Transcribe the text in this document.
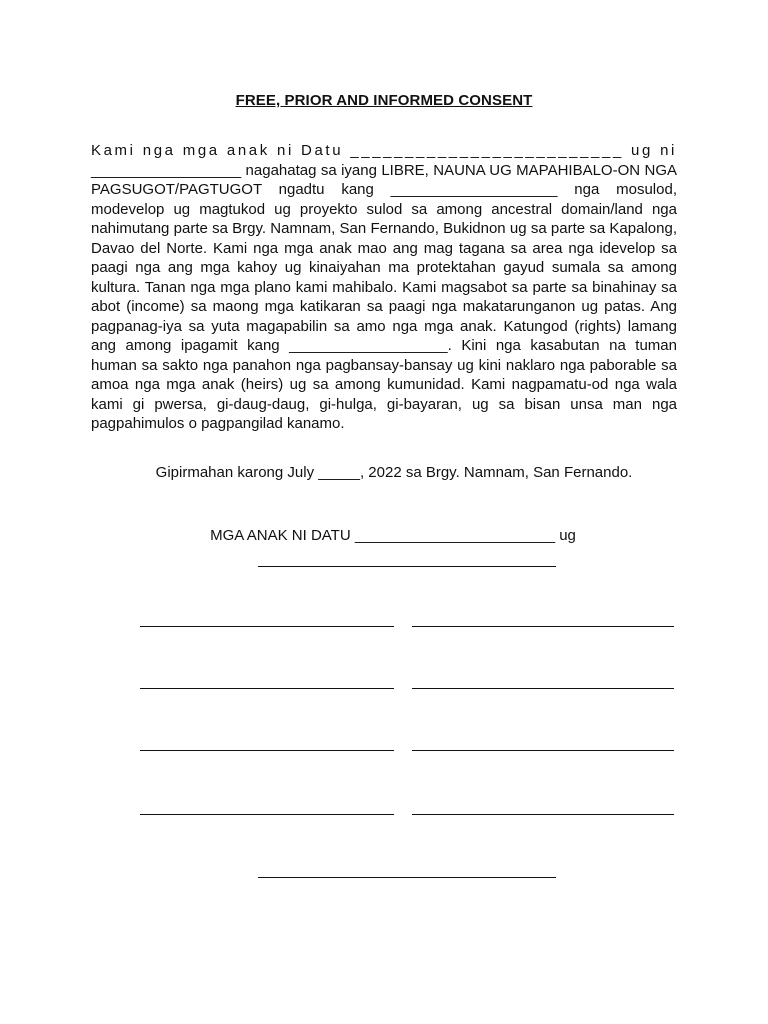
FREE, PRIOR AND INFORMED CONSENT
Kami nga mga anak ni Datu _________________________ ug ni __________________ nagahatag sa iyang LIBRE, NAUNA UG MAPAHIBALO-ON NGA PAGSUGOT/PAGTUGOT ngadtu kang ____________________ nga mosulod, modevelop ug magtukod ug proyekto sulod sa among ancestral domain/land nga nahimutang parte sa Brgy. Namnam, San Fernando, Bukidnon ug sa parte sa Kapalong, Davao del Norte. Kami nga mga anak mao ang mag tagana sa area nga idevelop sa paagi nga ang mga kahoy ug kinaiyahan ma protektahan gayud sumala sa among kultura. Tanan nga mga plano kami mahibalo. Kami magsabot sa parte sa binahinay sa abot (income) sa maong mga katikaran sa paagi nga makatarunganon ug patas. Ang pagpanag-iya sa yuta magapabilin sa amo nga mga anak. Katungod (rights) lamang ang among ipagamit kang ___________________. Kini nga kasabutan na tuman human sa sakto nga panahon nga pagbansay-bansay ug kini naklaro nga paborable sa amoa nga mga anak (heirs) ug sa among kumunidad. Kami nagpamatu-od nga wala kami gi pwersa, gi-daug-daug, gi-hulga, gi-bayaran, ug sa bisan unsa man nga pagpahimulos o pagpangilad kanamo.
Gipirmahan karong July _____, 2022 sa Brgy. Namnam, San Fernando.
MGA ANAK NI DATU ________________________ ug
